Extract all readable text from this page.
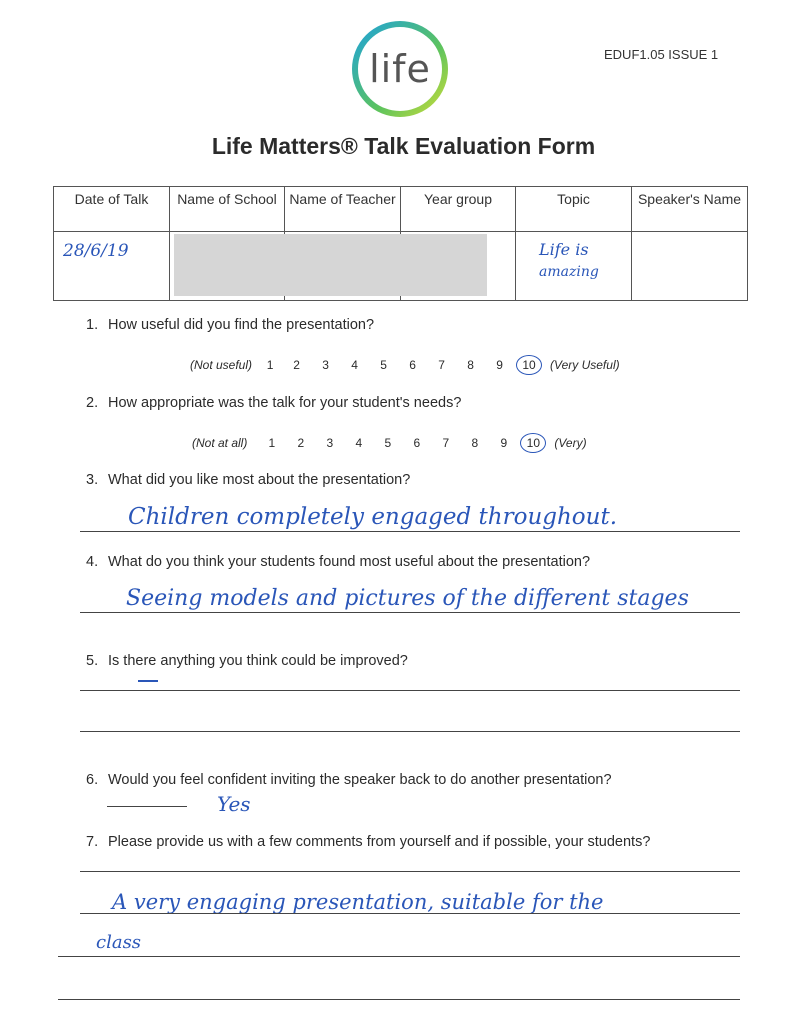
life	EDUF1.05 ISSUE 1
Life Matters® Talk Evaluation Form
Date of Talk	Name of School	Name of Teacher	Year group	Topic	Speaker's Name

28/6/19				Life is
amazing	

1. How useful did you find the presentation?
(Not useful)	1	2	3	4	5	6	7	8	9	10	(Very Useful)
2. How appropriate was the talk for your student's needs?
(Not at all)	1	2	3	4	5	6	7	8	9	10	(Very)
3. What did you like most about the presentation?
Children completely engaged throughout.
4. What do you think your students found most useful about the presentation?
Seeing models and pictures of the different stages
5. Is there anything you think could be improved?
6. Would you feel confident inviting the speaker back to do another presentation?
Yes
7. Please provide us with a few comments from yourself and if possible, your students?
A very engaging presentation, suitable for the
class
